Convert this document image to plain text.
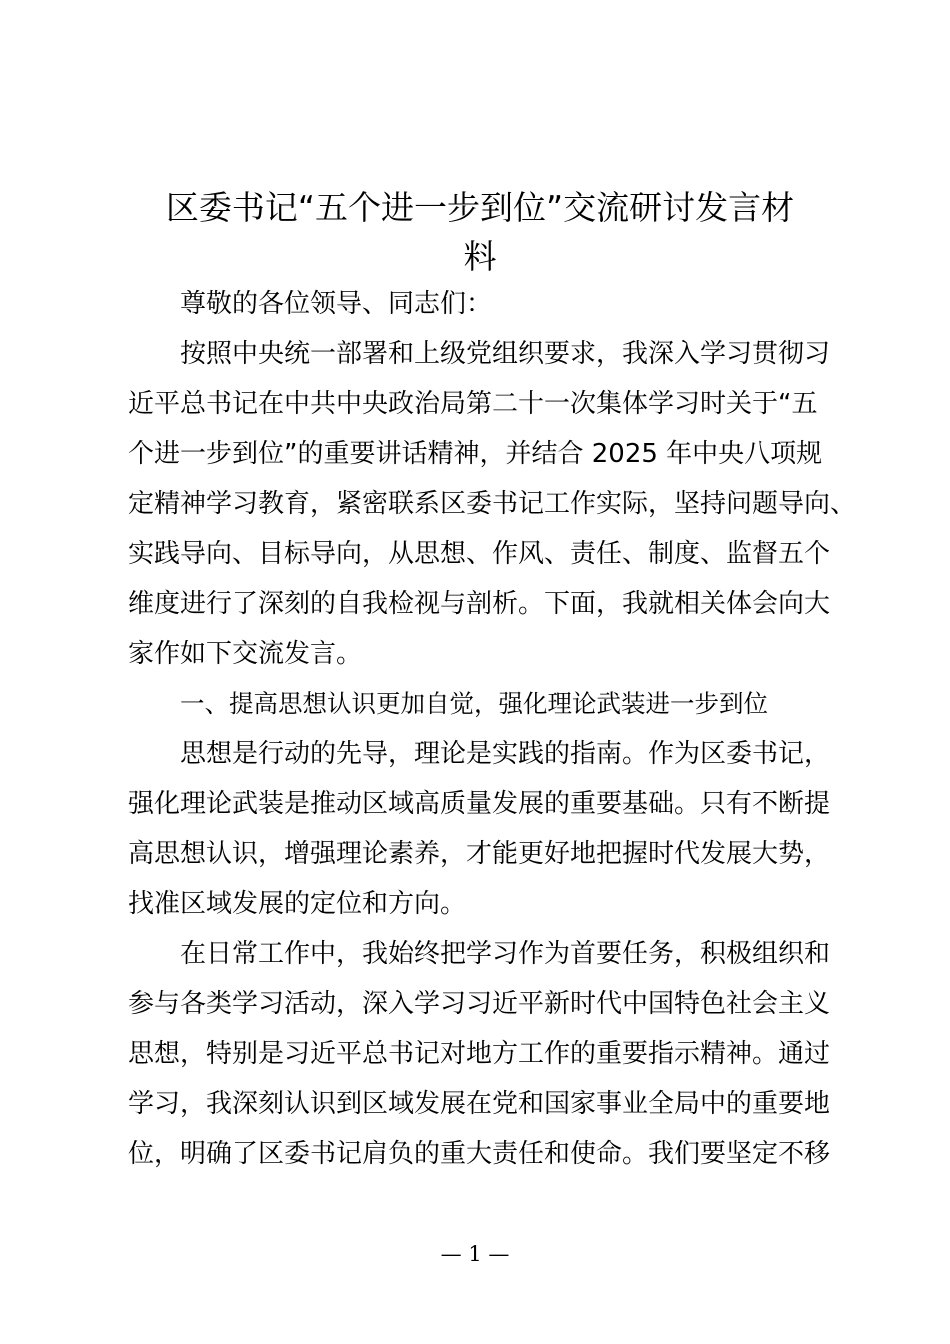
区委书记“五个进一步到位”交流研讨发言材
料
尊敬的各位领导、同志们：
按照中央统一部署和上级党组织要求，我深入学习贯彻习
近平总书记在中共中央政治局第二十一次集体学习时关于“五
个进一步到位”的重要讲话精神，并结合 2025 年中央八项规
定精神学习教育，紧密联系区委书记工作实际，坚持问题导向、
实践导向、目标导向，从思想、作风、责任、制度、监督五个
维度进行了深刻的自我检视与剖析。下面，我就相关体会向大
家作如下交流发言。
一、提高思想认识更加自觉，强化理论武装进一步到位
思想是行动的先导，理论是实践的指南。作为区委书记，
强化理论武装是推动区域高质量发展的重要基础。只有不断提
高思想认识，增强理论素养，才能更好地把握时代发展大势，
找准区域发展的定位和方向。
在日常工作中，我始终把学习作为首要任务，积极组织和
参与各类学习活动，深入学习习近平新时代中国特色社会主义
思想，特别是习近平总书记对地方工作的重要指示精神。通过
学习，我深刻认识到区域发展在党和国家事业全局中的重要地
位，明确了区委书记肩负的重大责任和使命。我们要坚定不移
— 1 —
